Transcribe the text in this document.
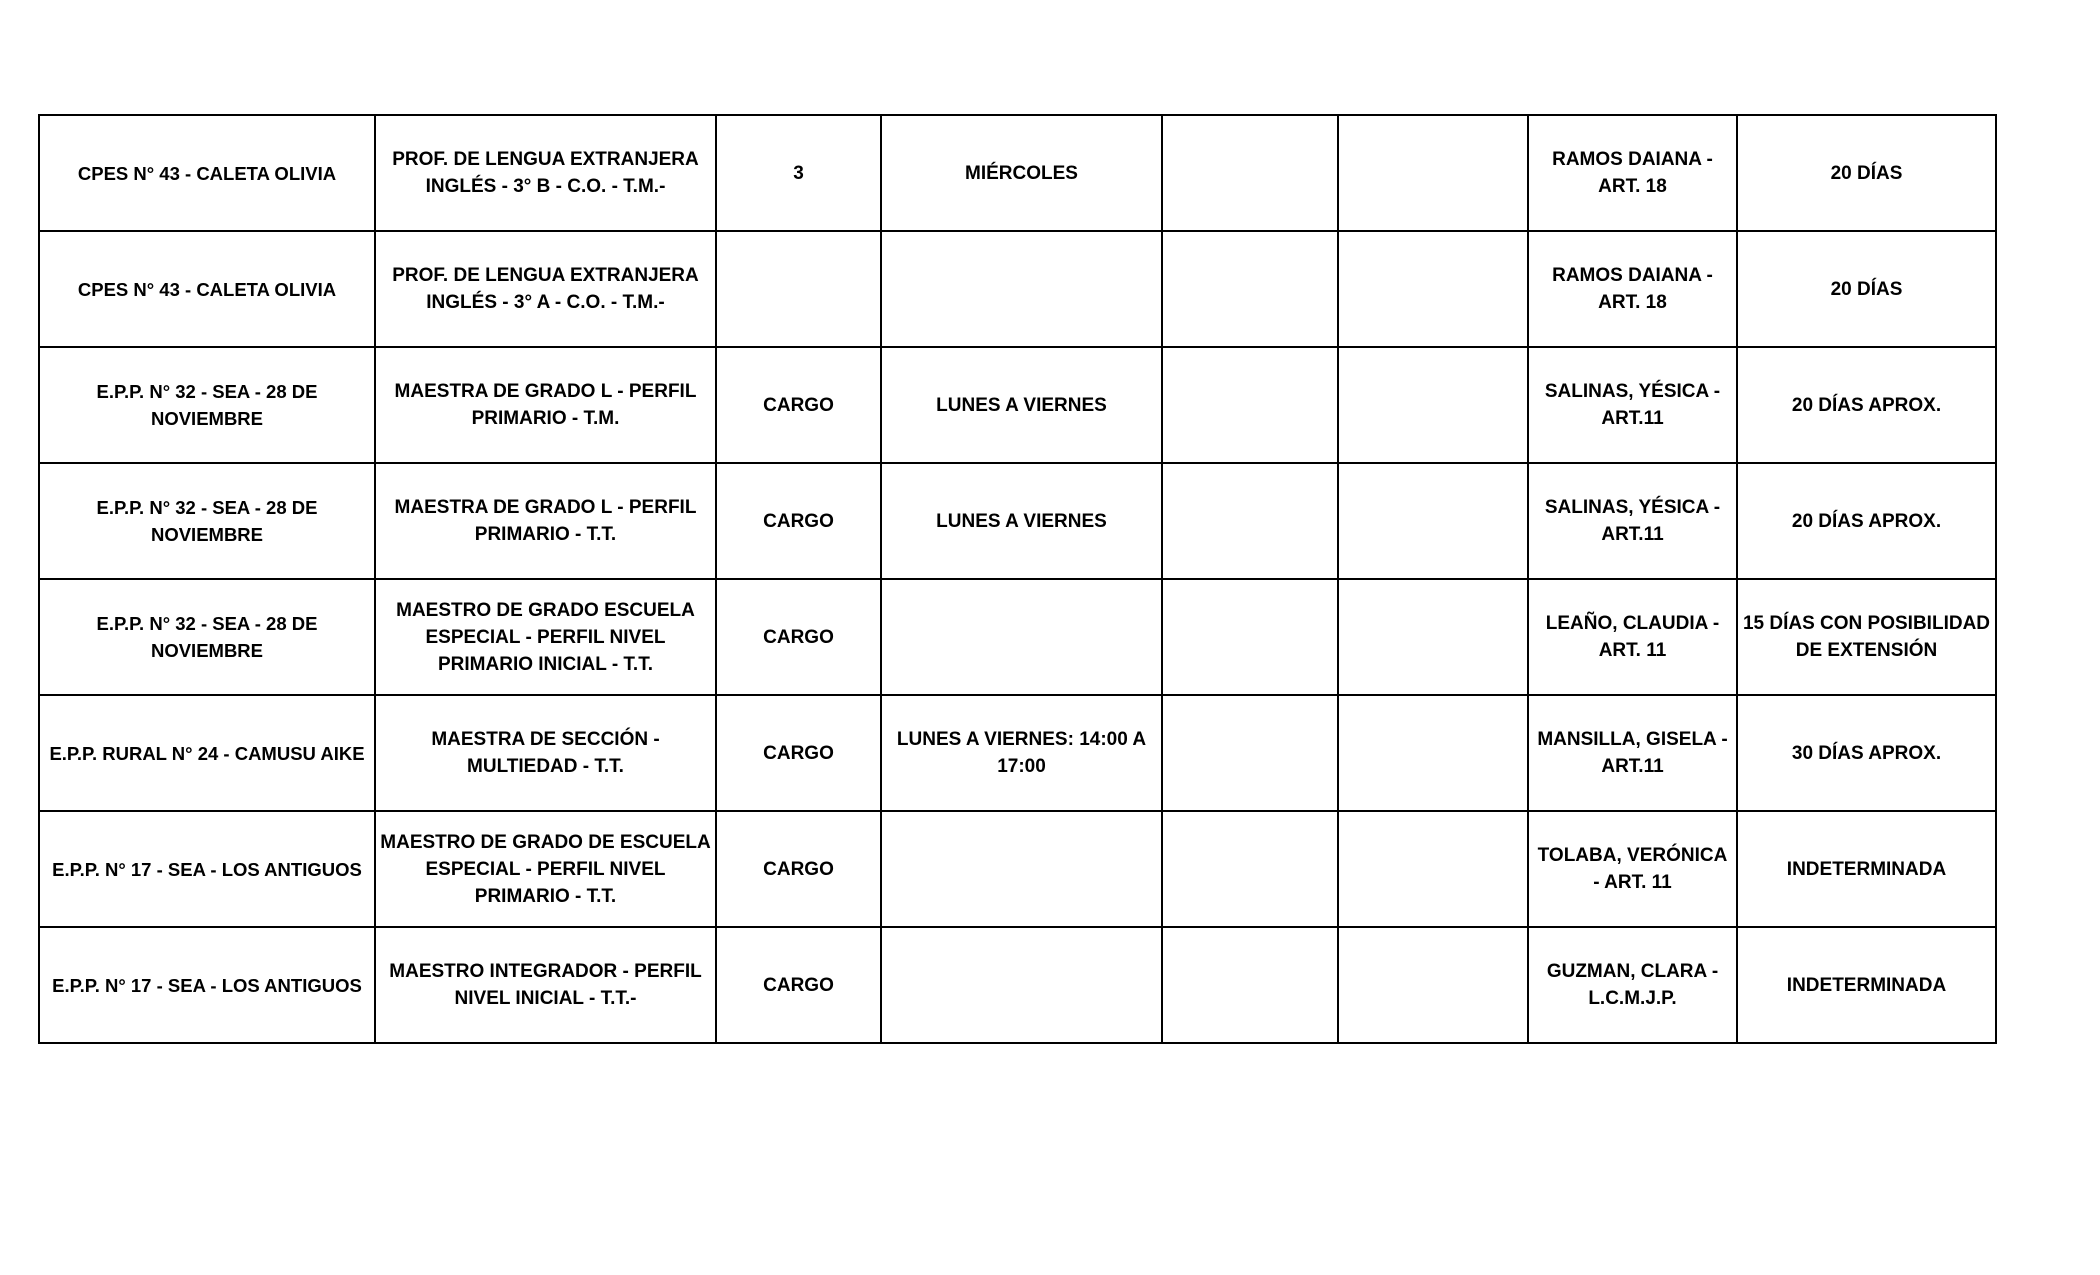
CPES N° 43 - CALETA OLIVIA	PROF. DE LENGUA EXTRANJERA INGLÉS - 3° B - C.O. - T.M.-	3	MIÉRCOLES			RAMOS DAIANA - ART. 18	20 DÍAS
CPES N° 43 - CALETA OLIVIA	PROF. DE LENGUA EXTRANJERA INGLÉS - 3° A - C.O. - T.M.-					RAMOS DAIANA - ART. 18	20 DÍAS
E.P.P. N° 32 - SEA - 28 DE NOVIEMBRE	MAESTRA DE GRADO L - PERFIL PRIMARIO - T.M.	CARGO	LUNES A VIERNES			SALINAS, YÉSICA - ART.11	20 DÍAS APROX.
E.P.P. N° 32 - SEA - 28 DE NOVIEMBRE	MAESTRA DE GRADO L - PERFIL PRIMARIO - T.T.	CARGO	LUNES A VIERNES			SALINAS, YÉSICA - ART.11	20 DÍAS APROX.
E.P.P. N° 32 - SEA - 28 DE NOVIEMBRE	MAESTRO DE GRADO ESCUELA ESPECIAL - PERFIL NIVEL PRIMARIO INICIAL - T.T.	CARGO				LEAÑO, CLAUDIA - ART. 11	15 DÍAS CON POSIBILIDAD DE EXTENSIÓN
E.P.P. RURAL N° 24 - CAMUSU AIKE	MAESTRA DE SECCIÓN - MULTIEDAD - T.T.	CARGO	LUNES A VIERNES: 14:00 A 17:00			MANSILLA, GISELA - ART.11	30 DÍAS APROX.
E.P.P. N° 17 - SEA - LOS ANTIGUOS	MAESTRO DE GRADO DE ESCUELA ESPECIAL - PERFIL NIVEL PRIMARIO - T.T.	CARGO				TOLABA, VERÓNICA - ART. 11	INDETERMINADA
E.P.P. N° 17 - SEA - LOS ANTIGUOS	MAESTRO INTEGRADOR - PERFIL NIVEL INICIAL - T.T.-	CARGO				GUZMAN, CLARA - L.C.M.J.P.	INDETERMINADA
